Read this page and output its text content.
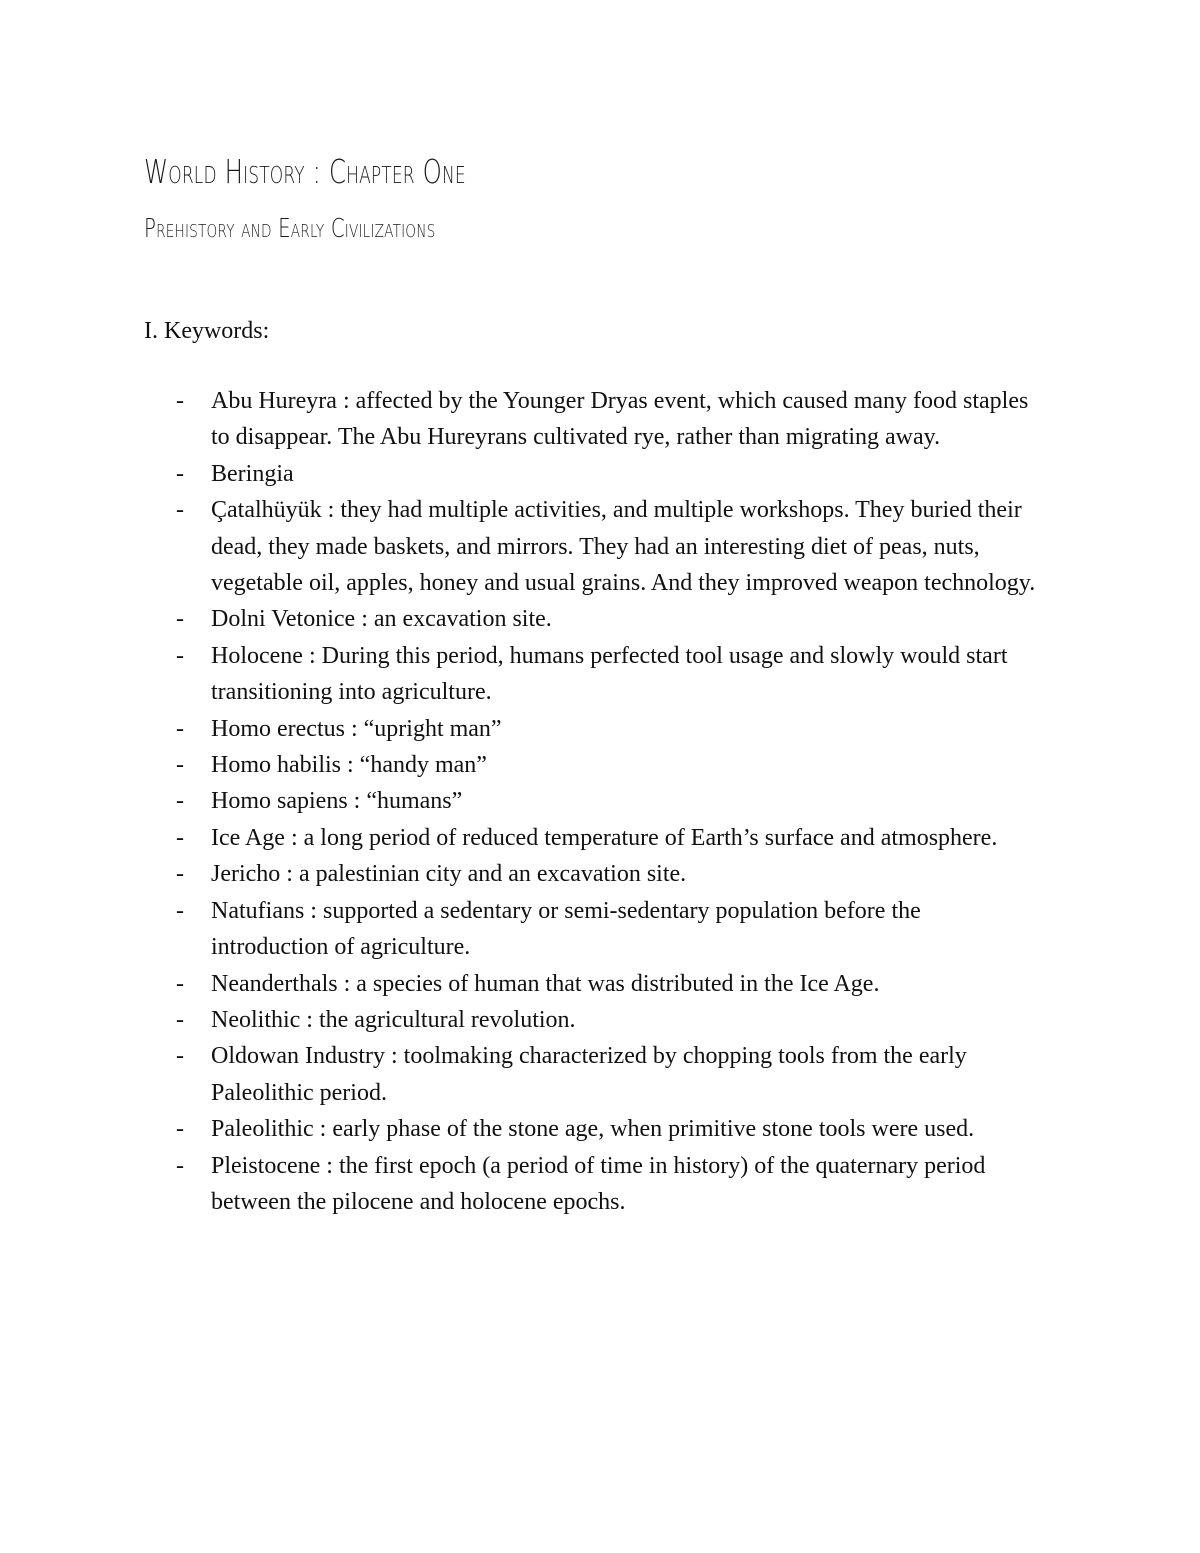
World History : Chapter One
Prehistory and Early Civilizations

I. Keywords:

- Abu Hureyra : affected by the Younger Dryas event, which caused many food staples to disappear. The Abu Hureyrans cultivated rye, rather than migrating away.
- Beringia
- Çatalhüyük : they had multiple activities, and multiple workshops. They buried their dead, they made baskets, and mirrors. They had an interesting diet of peas, nuts, vegetable oil, apples, honey and usual grains. And they improved weapon technology.
- Dolni Vetonice : an excavation site.
- Holocene : During this period, humans perfected tool usage and slowly would start transitioning into agriculture.
- Homo erectus : “upright man”
- Homo habilis : “handy man”
- Homo sapiens : “humans”
- Ice Age : a long period of reduced temperature of Earth’s surface and atmosphere.
- Jericho : a palestinian city and an excavation site.
- Natufians : supported a sedentary or semi-sedentary population before the introduction of agriculture.
- Neanderthals : a species of human that was distributed in the Ice Age.
- Neolithic : the agricultural revolution.
- Oldowan Industry : toolmaking characterized by chopping tools from the early Paleolithic period.
- Paleolithic : early phase of the stone age, when primitive stone tools were used.
- Pleistocene : the first epoch (a period of time in history) of the quaternary period between the pilocene and holocene epochs.
